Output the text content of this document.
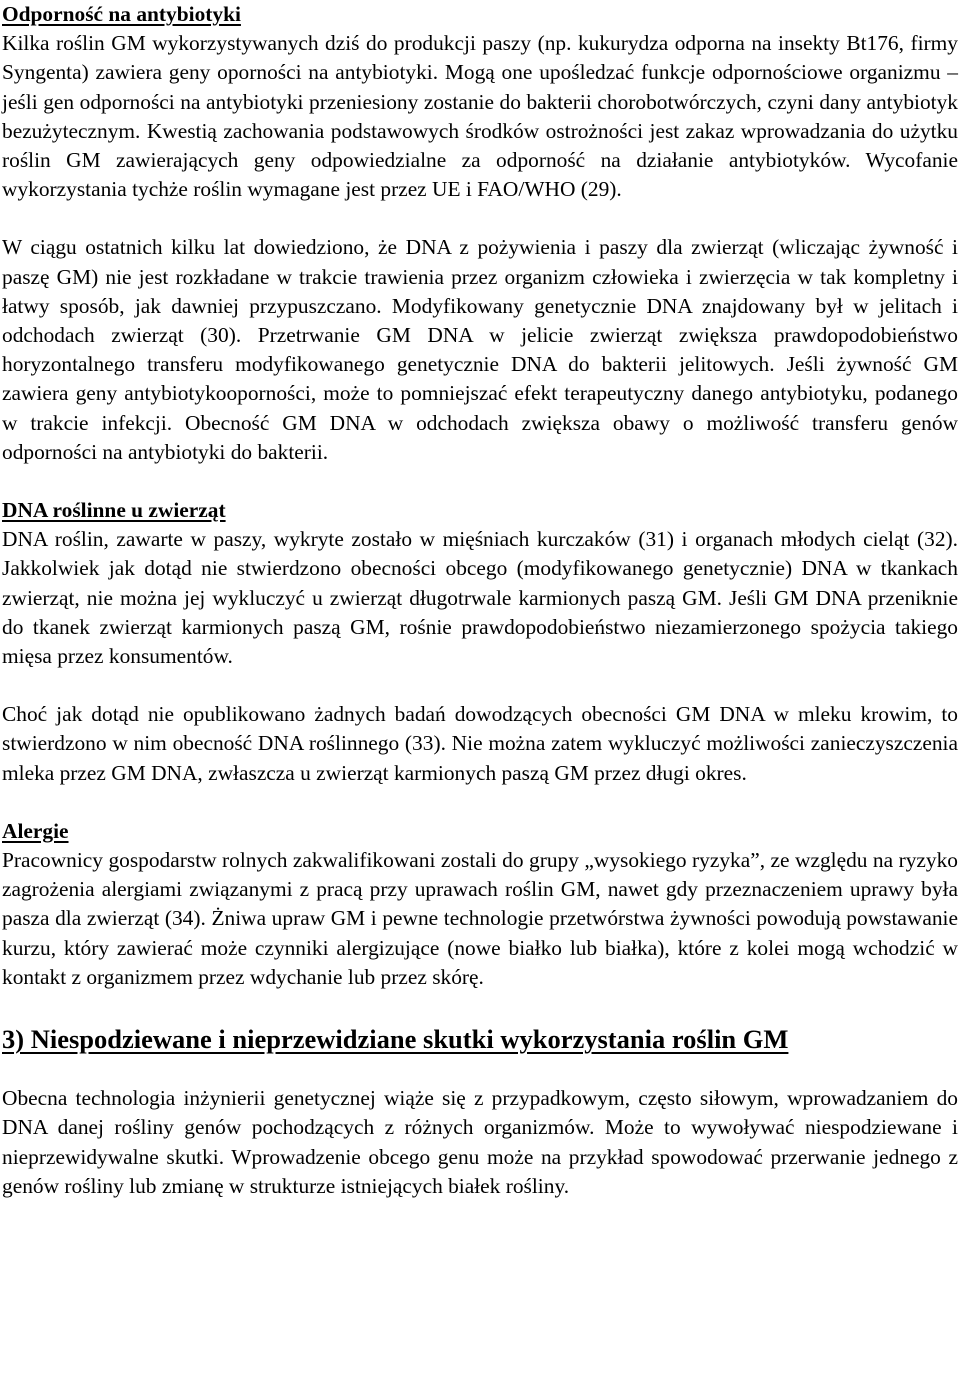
Odporność na antybiotyki

Kilka roślin GM wykorzystywanych dziś do produkcji paszy (np. kukurydza odporna na insekty Bt176, firmy Syngenta) zawiera geny oporności na antybiotyki. Mogą one upośledzać funkcje odpornościowe organizmu – jeśli gen odporności na antybiotyki przeniesiony zostanie do bakterii chorobotwórczych, czyni dany antybiotyk bezużytecznym. Kwestią zachowania podstawowych środków ostrożności jest zakaz wprowadzania do użytku roślin GM zawierających geny odpowiedzialne za odporność na działanie antybiotyków. Wycofanie wykorzystania tychże roślin wymagane jest przez UE i FAO/WHO (29).

W ciągu ostatnich kilku lat dowiedziono, że DNA z pożywienia i paszy dla zwierząt (wliczając żywność i paszę GM) nie jest rozkładane w trakcie trawienia przez organizm człowieka i zwierzęcia w tak kompletny i łatwy sposób, jak dawniej przypuszczano. Modyfikowany genetycznie DNA znajdowany był w jelitach i odchodach zwierząt (30). Przetrwanie GM DNA w jelicie zwierząt zwiększa prawdopodobieństwo horyzontalnego transferu modyfikowanego genetycznie DNA do bakterii jelitowych. Jeśli żywność GM zawiera geny antybiotykooporności, może to pomniejszać efekt terapeutyczny danego antybiotyku, podanego w trakcie infekcji. Obecność GM DNA w odchodach zwiększa obawy o możliwość transferu genów odporności na antybiotyki do bakterii.

DNA roślinne u zwierząt

DNA roślin, zawarte w paszy, wykryte zostało w mięśniach kurczaków (31) i organach młodych cieląt (32). Jakkolwiek jak dotąd nie stwierdzono obecności obcego (modyfikowanego genetycznie) DNA w tkankach zwierząt, nie można jej wykluczyć u zwierząt długotrwale karmionych paszą GM. Jeśli GM DNA przeniknie do tkanek zwierząt karmionych paszą GM, rośnie prawdopodobieństwo niezamierzonego spożycia takiego mięsa przez konsumentów.

Choć jak dotąd nie opublikowano żadnych badań dowodzących obecności GM DNA w mleku krowim, to stwierdzono w nim obecność DNA roślinnego (33). Nie można zatem wykluczyć możliwości zanieczyszczenia mleka przez GM DNA, zwłaszcza u zwierząt karmionych paszą GM przez długi okres.

Alergie

Pracownicy gospodarstw rolnych zakwalifikowani zostali do grupy „wysokiego ryzyka”, ze względu na ryzyko zagrożenia alergiami związanymi z pracą przy uprawach roślin GM, nawet gdy przeznaczeniem uprawy była pasza dla zwierząt (34). Żniwa upraw GM i pewne technologie przetwórstwa żywności powodują powstawanie kurzu, który zawierać może czynniki alergizujące (nowe białko lub białka), które z kolei mogą wchodzić w kontakt z organizmem przez wdychanie lub przez skórę.

3) Niespodziewane i nieprzewidziane skutki wykorzystania roślin GM

Obecna technologia inżynierii genetycznej wiąże się z przypadkowym, często siłowym, wprowadzaniem do DNA danej rośliny genów pochodzących z różnych organizmów. Może to wywoływać niespodziewane i nieprzewidywalne skutki. Wprowadzenie obcego genu może na przykład spowodować przerwanie jednego z genów rośliny lub zmianę w strukturze istniejących białek rośliny.
